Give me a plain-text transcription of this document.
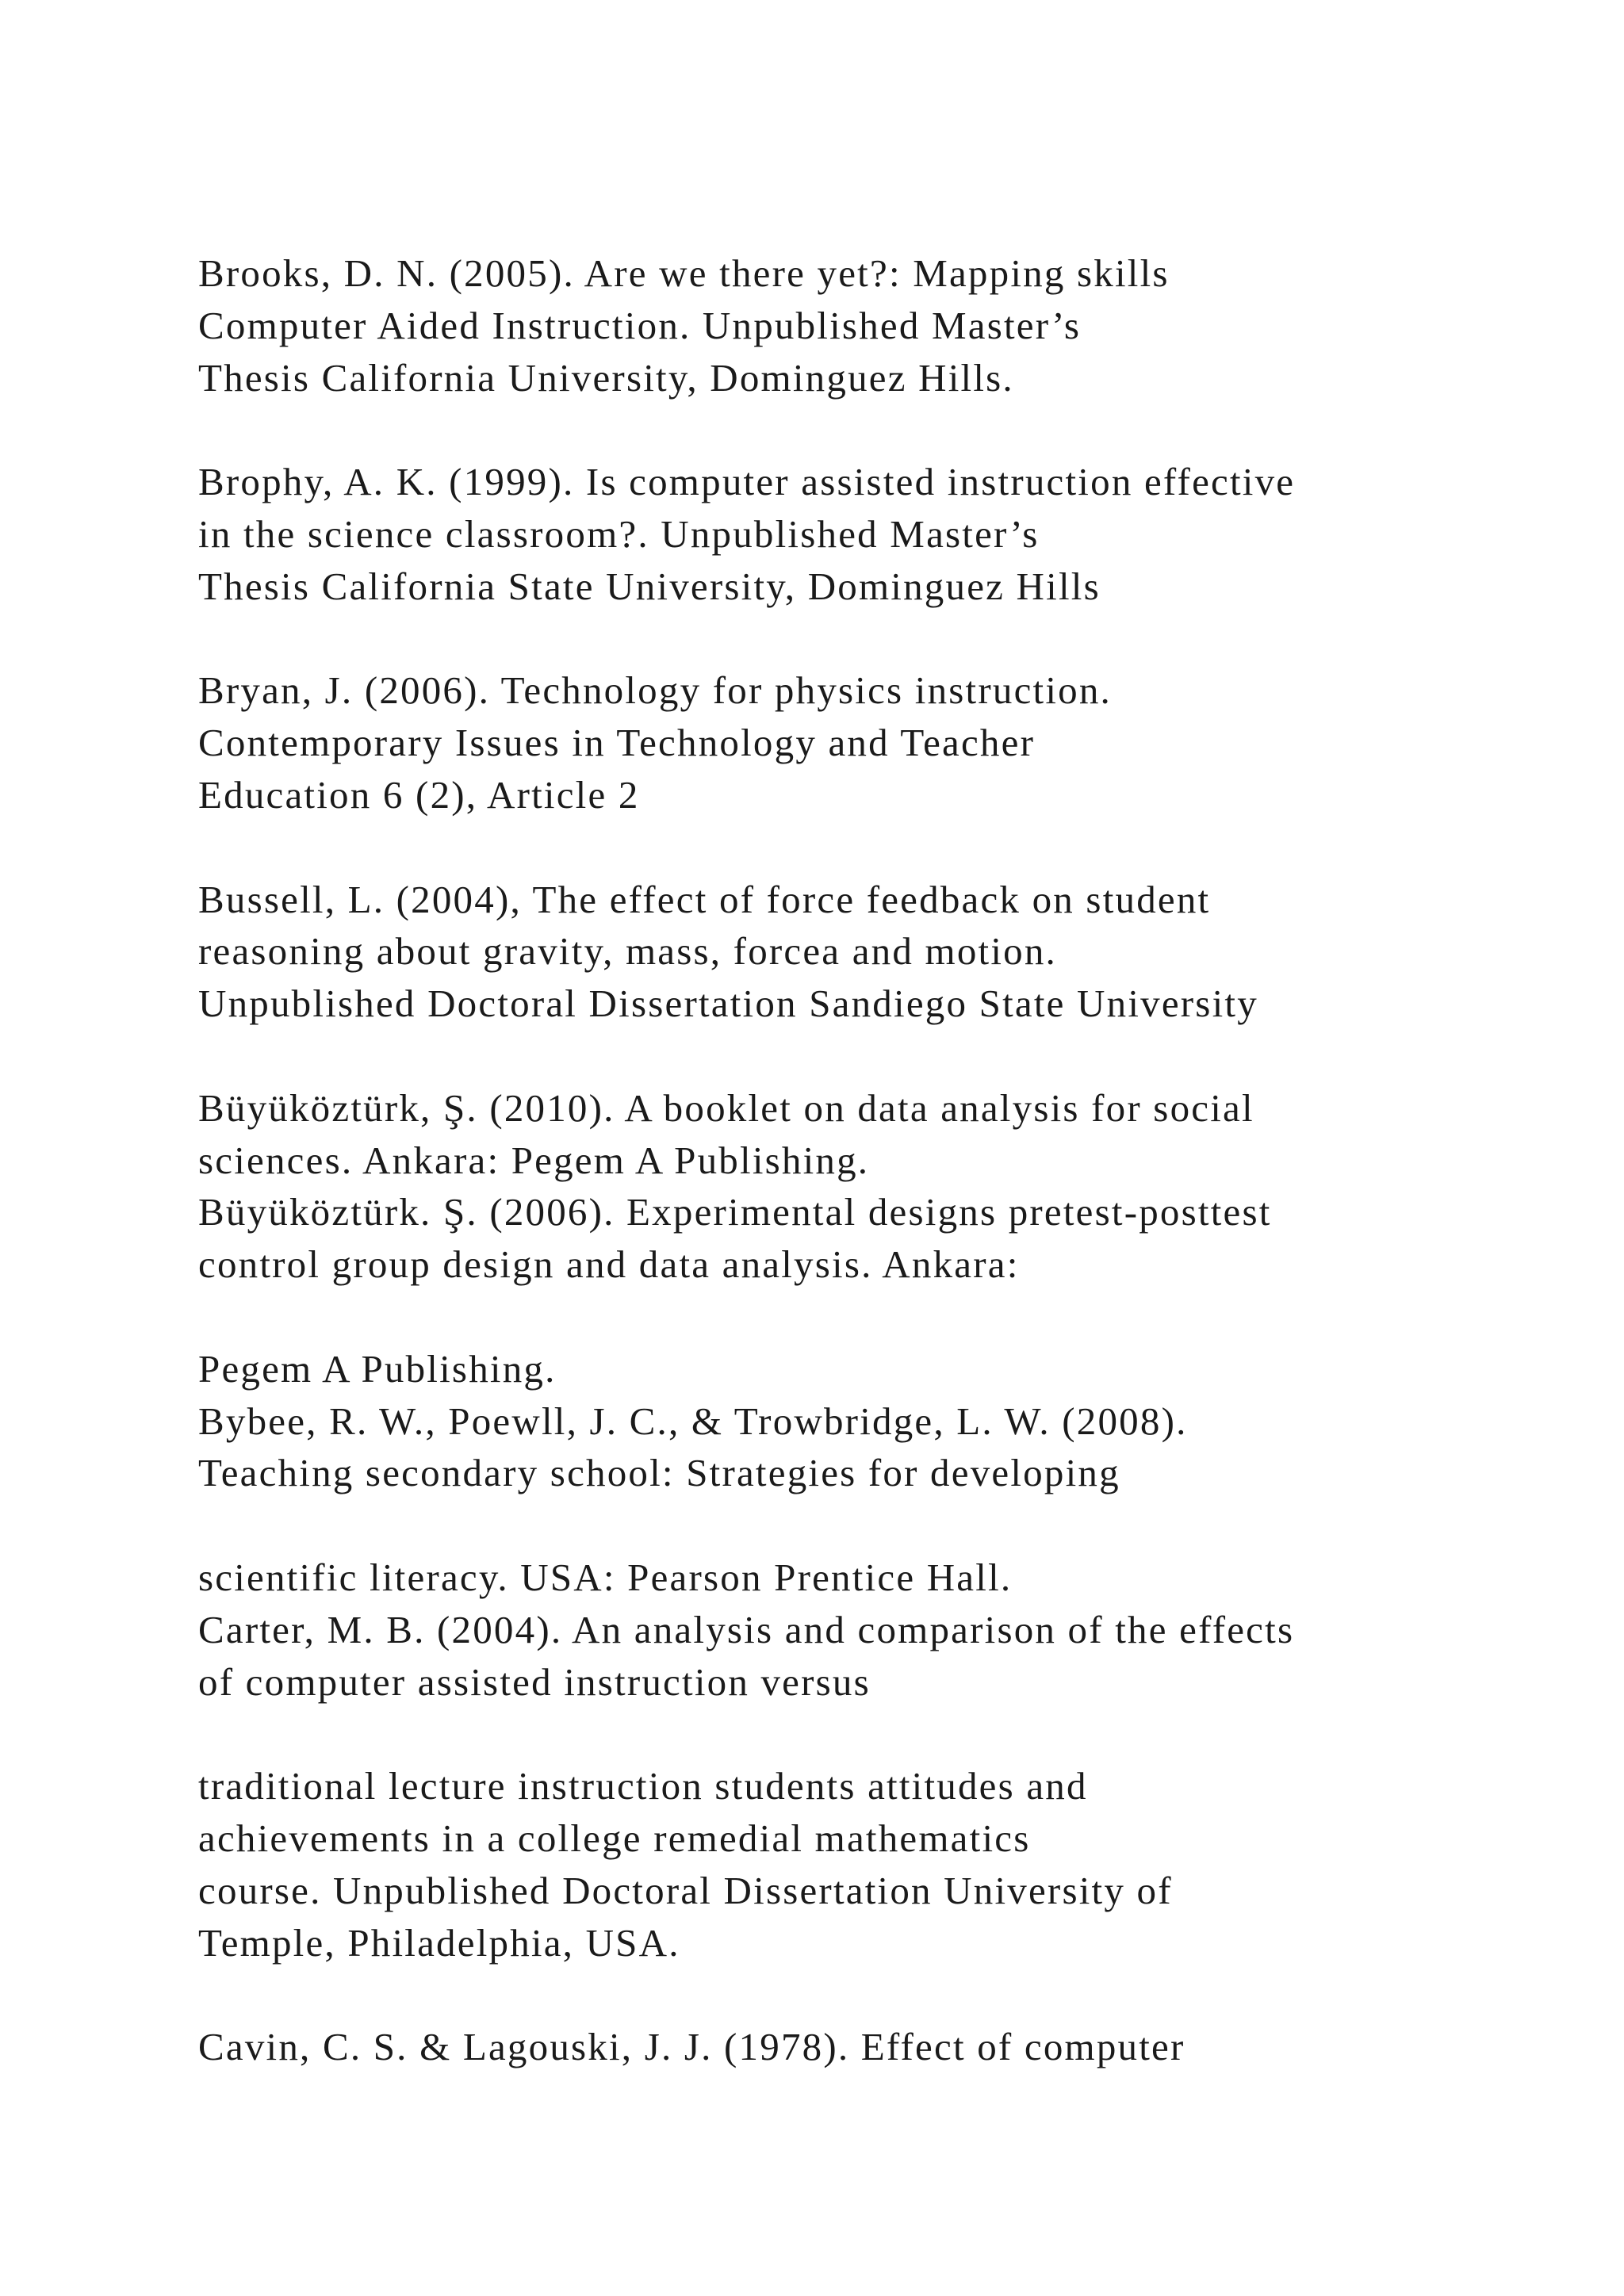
Brooks, D. N. (2005). Are we there yet?: Mapping skills
Computer Aided Instruction. Unpublished Master’s
Thesis California University, Dominguez Hills.
Brophy, A. K. (1999). Is computer assisted instruction effective
in the science classroom?. Unpublished Master’s
Thesis California State University, Dominguez Hills
Bryan, J. (2006). Technology for physics instruction.
Contemporary Issues in Technology and Teacher
Education 6 (2), Article 2
Bussell, L. (2004), The effect of force feedback on student
reasoning about gravity, mass, forcea and motion.
Unpublished Doctoral Dissertation Sandiego State University
Büyüköztürk, Ş. (2010). A booklet on data analysis for social
sciences. Ankara: Pegem A Publishing.
Büyüköztürk. Ş. (2006). Experimental designs pretest-posttest
control group design and data analysis. Ankara:
Pegem A Publishing.
Bybee, R. W., Poewll, J. C., & Trowbridge, L. W. (2008).
Teaching secondary school: Strategies for developing
scientific literacy. USA: Pearson Prentice Hall.
Carter, M. B. (2004). An analysis and comparison of the effects
of computer assisted instruction versus
traditional lecture instruction students attitudes and
achievements in a college remedial mathematics
course. Unpublished Doctoral Dissertation University of
Temple, Philadelphia, USA.
Cavin, C. S. & Lagouski, J. J. (1978). Effect of computer
